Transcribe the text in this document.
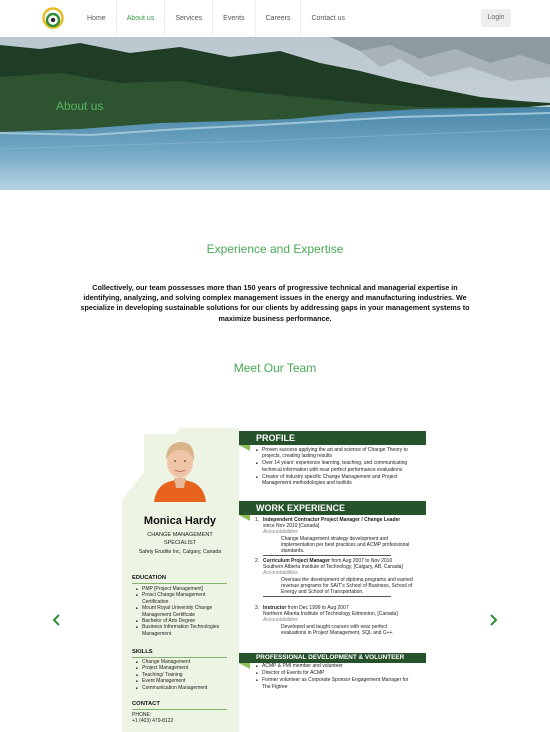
Home	About us	Services	Events	Careers	Contact us	Login
About us
Experience and Expertise
Collectively, our team possesses more than 150 years of progressive technical and managerial expertise in identifying, analyzing, and solving complex management issues in the energy and manufacturing industries. We specialize in developing sustainable solutions for our clients by addressing gaps in your management systems to maximize business performance.
Meet Our Team
Monica Hardy
CHANGE MANAGEMENT SPECIALIST
Safety Erudite Inc, Calgary, Canada
EDUCATION
■ PMP [Project Management]
■ Prosci Change Management Certification
■ Mount Royal University Change Management Certificate
■ Bachelor of Arts Degree
■ Business Information Technologies Management
SKILLS
■ Change Management
■ Project Management
■ Teaching/ Training
■ Event Management
■ Communication Management
CONTACT
PHONE:
+1 (403) 479-8122
PROFILE
■ Proven success applying the art and science of Change Theory to projects, creating lasting results
■ Over 14 years' experience learning, teaching, and communicating technical information with near perfect performance evaluations
■ Creator of industry specific Change Management and Project Management methodologies and toolkits
WORK EXPERIENCE
1. Independent Contractor Project Manager / Change Leader since Nov 2010 [Canada]
Accountabilities
Change Management strategy development and implementation per best practices and ACMP professional standards.
2. Curriculum Project Manager from Aug 2007 to Nov 2010
Southern Alberta Institute of Technology, [Calgary, AB, Canada]
Accountabilities
Oversaw the development of diploma programs and earned revenue programs for SAIT's School of Business, School of Energy and School of Transportation.
3. Instructor from Dec 1999 to Aug 2007
Northern Alberta Institute of Technology Edmonton, [Canada]
Accountabilities
Developed and taught courses with near perfect evaluations in Project Management, SQL and C++.
PROFESSIONAL DEVELOPMENT & VOLUNTEER
■ ACMP & PMI member and volunteer
■ Director of Events for ACMP
■ Former volunteer as Corporate Sponsor Engagement Manager for The Figtree
